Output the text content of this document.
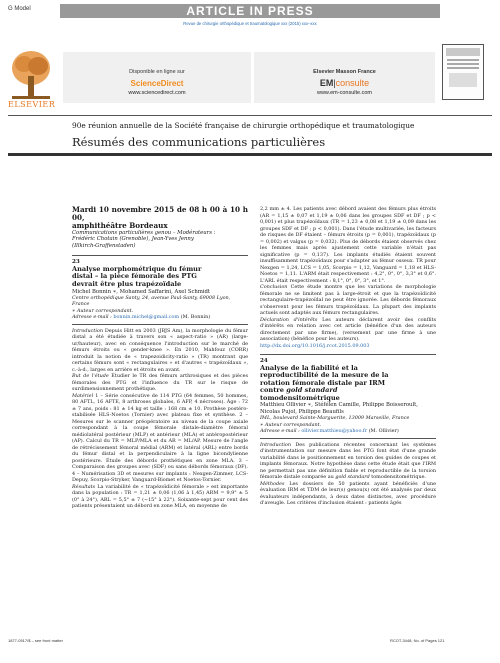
G Model	ARTICLE IN PRESS
Revue de chirurgie orthopédique et traumatologique xxx (2015) xxx–xxx
ELSEVIER
Disponible en ligne sur
ScienceDirect
www.sciencedirect.com
Elsevier Masson France
EM|consulte
www.em-consulte.com
90e réunion annuelle de la Société française de chirurgie orthopédique et traumatologique
Résumés des communications particulières
Mardi 10 novembre 2015 de 08 h 00 à 10 h 00,
amphithéâtre Bordeaux
Communications particulières genou – Modérateurs :
Frédéric Chotain (Grenoble), Jean-Yves Jenny
(Illkirch-Graffenstaden)
23
Analyse morphométrique du fémur
distal – la pièce fémorale des PTG
devrait être plus trapézoïdale
Michel Bonnin ∗, Mohamed Saffarini, Axel Schmidt
Centre orthopédique Santy, 24, avenue Paul-Santy, 69008 Lyon,
France
∗ Auteur correspondant.
Adresse e-mail : bonnin.michel@gmail.com (M. Bonnin)

Introduction Depuis Hitt en 2003 (JBJS Am), la morphologie du fémur distal a été étudiée à travers son « aspect-ratio » (AR) (large-ur/hauteur), avec en conséquence l'introduction sur le marché de fémurs étroits ou « gender-knee ». En 2010, Mahfouz (CORR) introduit la notion de « trapezoidicity-ratio » (TR) montrant que certains fémurs sont « rectangulaires » et d'autres « trapézoïdaux », c.-à-d., larges en arrière et étroits en avant.

But de l'étude Étudier le TR des fémurs arthrosiques et des pièces fémorales des PTG et l'influence du TR sur le risque de surdimensionnement prothétique.

Matériel 1 – Série consécutive de 114 PTG (64 femmes, 50 hommes, 80 AFTL, 16 AFTE, 8 arthroses globales, 6 AFP, 4 nécroses). Âge : 72 ± 7 ans, poids : 81 ± 14 kg et taille : 168 cm ± 10. Prothèse postéro-stabilisée HLS-Noetos (Tornier) avec plateau fixe et synthèse. 2 – Mesures sur le scanner préopératoire au niveau de la coupe axiale correspondant à la coupe fémorale distale-diamètre fémoral médiolatéral postérieur (MLP) et antérieur (MLA) et antéropostérieur (AP). Calcul du TR = MLP/MLA et du AR = ML/AP. Mesure de l'angle de rétrécissement fémoral médial (ARM) et latéral (ARL) entre bords du fémur distal et la perpendiculaire à la ligne bicondylienne postérieure. Étude des débords prothétiques en zone MLA. 3 – Comparaison des groupes avec (SDF) ou sans débords fémoraux (DF). 4 – Numérisation 3D et mesures sur implants : Nexgen-Zimmer, LCS-Depuy, Scorpio-Stryker, Vanguard-Biomet et Noetos-Tornier.

Résultats La variabilité de « trapézoïdicité fémorale » est importante dans la population : TR = 1,21 ± 0,06 (1,06 à 1,45) ARM = 9,9° ± 5 (0° à 24°), ARL = 5,5° ± 7 (−15° à 22°). Soixante-sept pour cent des patients présentaient un débord en zone MLA, en moyenne de

2,2 mm ± 4. Les patients avec débord avaient des fémurs plus étroits (AR = 1,15 ± 0,07 et 1,19 ± 0,06 dans les groupes SDF et DF ; p < 0,001) et plus trapézoïdaux (TR = 1,23 ± 0,08 et 1,19 ± 0,09 dans les groupes SDF et DF ; p < 0,001). Dans l'étude multivariée, les facteurs de risques de DF étaient – fémurs étroits (p = 0,001), trapézoïdaux (p = 0,002) et valgus (p = 0,032). Plus de débords étaient observés chez les femmes mais après ajustement cette variable n'était pas significative (p = 0,137). Les implants étudiés étaient souvent insuffisamment trapézoïdaux pour s'adapter au fémur osseux. TR pour Nexgen = 1,24, LCS = 1,05, Scorpio = 1,12, Vanguard = 1,18 et HLS-Noetos = 1,11. L'ARM était respectivement : 4,2°, 0°, 0°, 3,3° et 0,6°. L'ARL était respectivement : 8,1°, 0°, 0°, 3°, et 1°.

Conclusion Cette étude montre que les variations de morphologie fémorale ne se limitent pas à large-étroit et que la trapézoïdicité rectangulaire-trapézoïdal ne peut être ignorée. Les débords fémoraux s'observent pour les fémurs trapézoïdaux. La plupart des implants actuels sont adaptés aux fémurs rectangulaires.

Déclaration d'intérêts Les auteurs déclarent avoir des conflits d'intérêts en relation avec cet article (bénéfice d'un des auteurs directement par une firme), (versement par une firme à une association) (bénéfice pour les auteurs).

http://dx.doi.org/10.1016/j.rcot.2015.09.003
24
Analyse de la fiabilité et la
reproductibilité de la mesure de la
rotation fémorale distale par IRM
contre gold standard
tomodensitométrique
Matthieu Ollivier ∗, Stéfélen Camille, Philippe Boisseroult,
Nicolas Pujol, Philippe Beaufils
IML, boulevard Sainte-Marguerite, 13009 Marseille, France
∗ Auteur correspondant.
Adresse e-mail : ollivier.matthieu@yahoo.fr (M. Ollivier)

Introduction Des publications récentes concernant les systèmes d'instrumentation sur mesure dans les PTG font état d'une grande variabilité dans le positionnement en torsion des guides de coupes et implants fémoraux. Notre hypothèse dans cette étude était que l'IRM ne permettait pas une définition fiable et reproductible de la torsion fémorale distale comparée au gold standard tomodensitométrique.

Méthodes Les dossiers de 50 patients ayant bénéficiés d'une évaluation IRM et TDM de leur(s) genou(x) ont été analysés par deux évaluateurs indépendants, à deux dates distinctes, avec procédure d'aveugle. Les critères d'inclusion étaient : patients âgés

1877-0517/$ – see front matter	RCOT-3448; No. of Pages 121
